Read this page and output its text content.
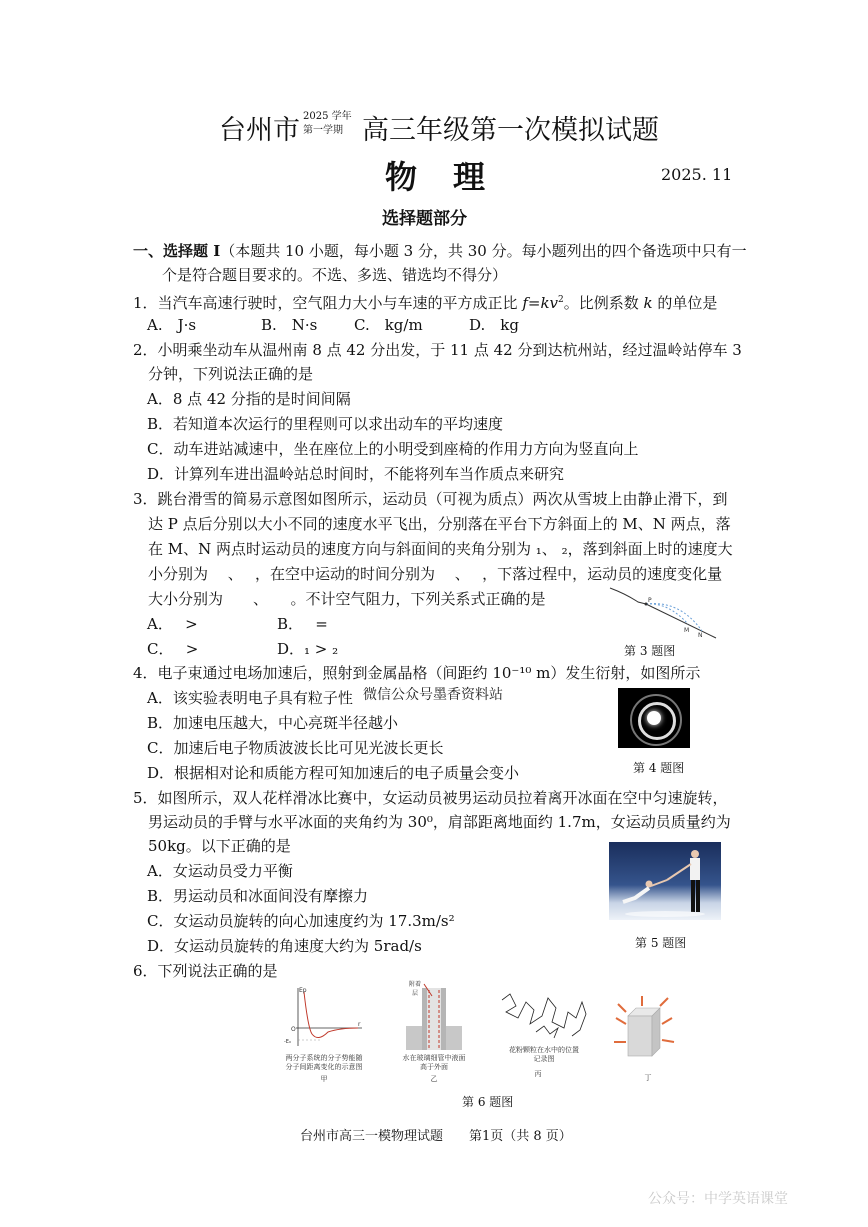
台州市 2025 学年
第一学期 高三年级第一次模拟试题
物　理	2025. 11
选择题部分
一、选择题 I（本题共 10 小题，每小题 3 分，共 30 分。每小题列出的四个备选项中只有一
个是符合题目要求的。不选、多选、错选均不得分）
1．当汽车高速行驶时，空气阻力大小与车速的平方成正比 $f=kv^2$。比例系数 k 的单位是
A.　J·s	B.　N·s C.　kg/m	D.　kg
2．小明乘坐动车从温州南 8 点 42 分出发，于 11 点 42 分到达杭州站，经过温岭站停车 3
分钟，下列说法正确的是
A．8 点 42 分指的是时间间隔
B．若知道本次运行的里程则可以求出动车的平均速度
C．动车进站减速中，坐在座位上的小明受到座椅的作用力方向为竖直向上
D．计算列车进出温岭站总时间时，不能将列车当作质点来研究
3．跳台滑雪的简易示意图如图所示，运动员（可视为质点）两次从雪坡上由静止滑下，到
达 P 点后分别以大小不同的速度水平飞出，分别落在平台下方斜面上的 M、N 两点，落
在 M、N 两点时运动员的速度方向与斜面间的夹角分别为 ₁、 ₂，落到斜面上时的速度大
小分别为　 、　 ，在空中运动的时间分别为　 、　 ，下落过程中，运动员的速度变化量
大小分别为　　、　　。不计空气阻力，下列关系式正确的是
A．　 >	B．　 =
C．　 >	D．₁ > ₂
P
M
N
第 3 题图
4．电子束通过电场加速后，照射到金属晶格（间距约 10⁻¹⁰ m）发生衍射，如图所示
A．该实验表明电子具有粒子性 微信公众号墨香资料站
B．加速电压越大，中心亮斑半径越小
C．加速后电子物质波波长比可见光波长更长
D．根据相对论和质能方程可知加速后的电子质量会变小	第 4 题图
5．如图所示，双人花样滑冰比赛中，女运动员被男运动员拉着离开冰面在空中匀速旋转，
男运动员的手臂与水平冰面的夹角约为 30⁰，肩部距离地面约 1.7m，女运动员质量约为
50kg。以下正确的是
A．女运动员受力平衡
B．男运动员和冰面间没有摩擦力
C．女运动员旋转的向心加速度约为 17.3m/s²
D．女运动员旋转的角速度大约为 5rad/s	第 5 题图
6．下列说法正确的是
Ep
r
O
-E₀
两分子系统的分子势能随分子间距离变化的示意图
甲
附着层
水在玻璃细管中液面高于外面
乙
花粉颗粒在水中的位置记录图
丙	丁
第 6 题图
台州市高三一模物理试题　　第1页（共 8 页）
公众号：中学英语课堂
